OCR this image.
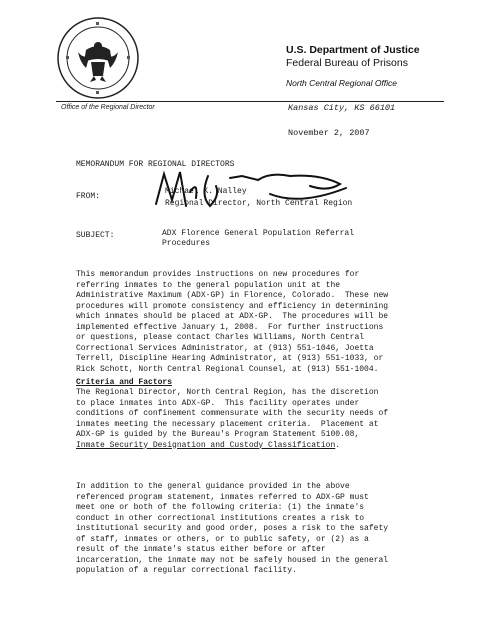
U.S. Department of Justice
Federal Bureau of Prisons
North Central Regional Office
Office of the Regional Director	Kansas City, KS 66101
November 2, 2007
MEMORANDUM FOR REGIONAL DIRECTORS
FROM:
Michael K. Nalley
Regional Director, North Central Region
SUBJECT:	ADX Florence General Population Referral
Procedures
This memorandum provides instructions on new procedures for
referring inmates to the general population unit at the
Administrative Maximum (ADX-GP) in Florence, Colorado.  These new
procedures will promote consistency and efficiency in determining
which inmates should be placed at ADX-GP.  The procedures will be
implemented effective January 1, 2008.  For further instructions
or questions, please contact Charles Williams, North Central
Correctional Services Administrator, at (913) 551-1046, Joetta
Terrell, Discipline Hearing Administrator, at (913) 551-1033, or
Rick Schott, North Central Regional Counsel, at (913) 551-1004.
Criteria and Factors
The Regional Director, North Central Region, has the discretion
to place inmates into ADX-GP.  This facility operates under
conditions of confinement commensurate with the security needs of
inmates meeting the necessary placement criteria.  Placement at
ADX-GP is guided by the Bureau's Program Statement 5100.08,
Inmate Security Designation and Custody Classification.
In addition to the general guidance provided in the above
referenced program statement, inmates referred to ADX-GP must
meet one or both of the following criteria: (1) the inmate's
conduct in other correctional institutions creates a risk to
institutional security and good order, poses a risk to the safety
of staff, inmates or others, or to public safety, or (2) as a
result of the inmate's status either before or after
incarceration, the inmate may not be safely housed in the general
population of a regular correctional facility.
